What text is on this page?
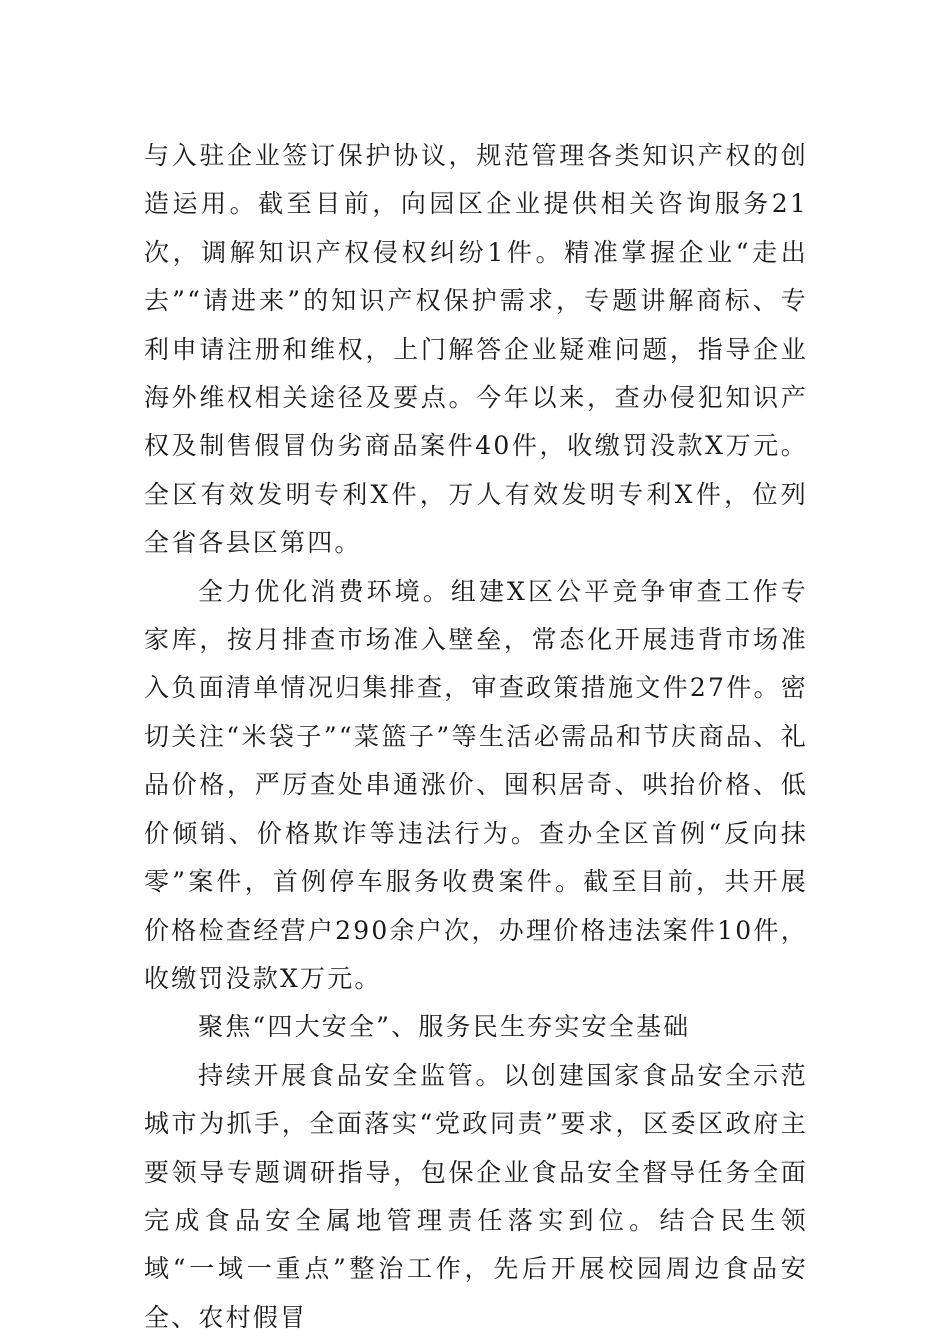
与入驻企业签订保护协议，规范管理各类知识产权的创造运用。截至目前，向园区企业提供相关咨询服务21次，调解知识产权侵权纠纷1件。精准掌握企业“走出去”“请进来”的知识产权保护需求，专题讲解商标、专利申请注册和维权，上门解答企业疑难问题，指导企业海外维权相关途径及要点。今年以来，查办侵犯知识产权及制售假冒伪劣商品案件40件，收缴罚没款X万元。全区有效发明专利X件，万人有效发明专利X件，位列全省各县区第四。

全力优化消费环境。组建X区公平竞争审查工作专家库，按月排查市场准入壁垒，常态化开展违背市场准入负面清单情况归集排查，审查政策措施文件27件。密切关注“米袋子”“菜篮子”等生活必需品和节庆商品、礼品价格，严厉查处串通涨价、囤积居奇、哄抬价格、低价倾销、价格欺诈等违法行为。查办全区首例“反向抹零”案件，首例停车服务收费案件。截至目前，共开展价格检查经营户290余户次，办理价格违法案件10件，收缴罚没款X万元。

聚焦“四大安全”、服务民生夯实安全基础

持续开展食品安全监管。以创建国家食品安全示范城市为抓手，全面落实“党政同责”要求，区委区政府主要领导专题调研指导，包保企业食品安全督导任务全面完成食品安全属地管理责任落实到位。结合民生领域“一域一重点”整治工作，先后开展校园周边食品安全、农村假冒
